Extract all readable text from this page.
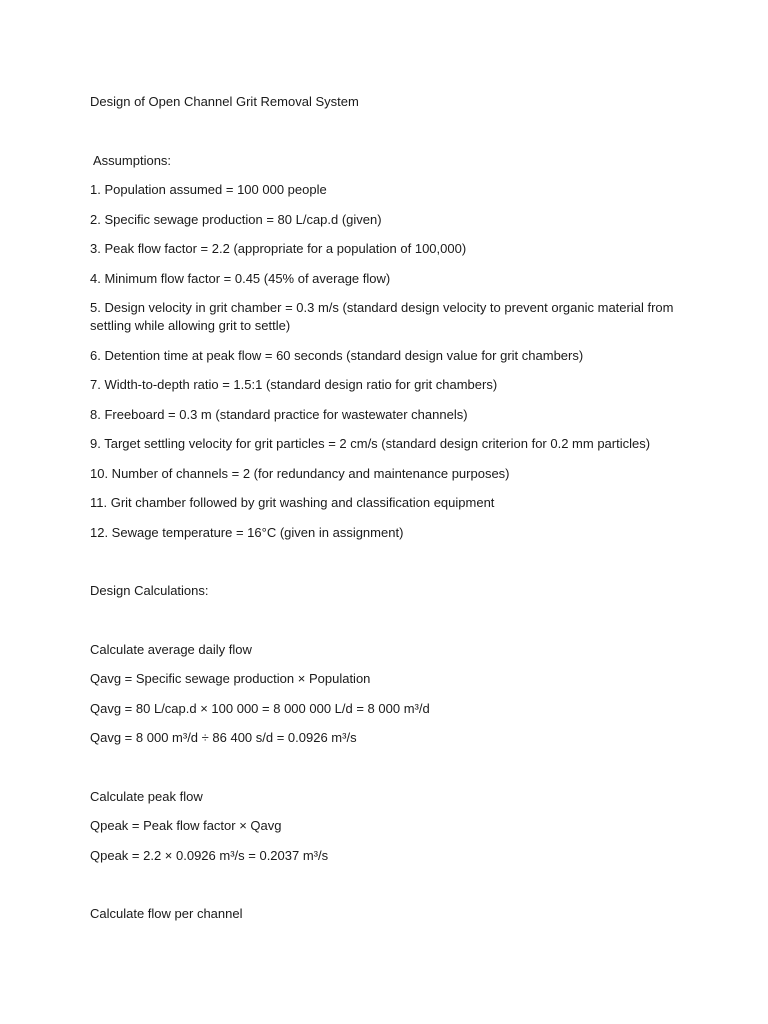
Design of Open Channel Grit Removal System

Assumptions:

1. Population assumed = 100 000 people

2. Specific sewage production = 80 L/cap.d (given)

3. Peak flow factor = 2.2 (appropriate for a population of 100,000)

4. Minimum flow factor = 0.45 (45% of average flow)

5. Design velocity in grit chamber = 0.3 m/s (standard design velocity to prevent organic material from settling while allowing grit to settle)

6. Detention time at peak flow = 60 seconds (standard design value for grit chambers)

7. Width-to-depth ratio = 1.5:1 (standard design ratio for grit chambers)

8. Freeboard = 0.3 m (standard practice for wastewater channels)

9. Target settling velocity for grit particles = 2 cm/s (standard design criterion for 0.2 mm particles)

10. Number of channels = 2 (for redundancy and maintenance purposes)

11. Grit chamber followed by grit washing and classification equipment

12. Sewage temperature = 16°C (given in assignment)

Design Calculations:

Calculate average daily flow

Qavg = Specific sewage production × Population

Qavg = 80 L/cap.d × 100 000 = 8 000 000 L/d = 8 000 m³/d

Qavg = 8 000 m³/d ÷ 86 400 s/d = 0.0926 m³/s

Calculate peak flow

Qpeak = Peak flow factor × Qavg

Qpeak = 2.2 × 0.0926 m³/s = 0.2037 m³/s

Calculate flow per channel
